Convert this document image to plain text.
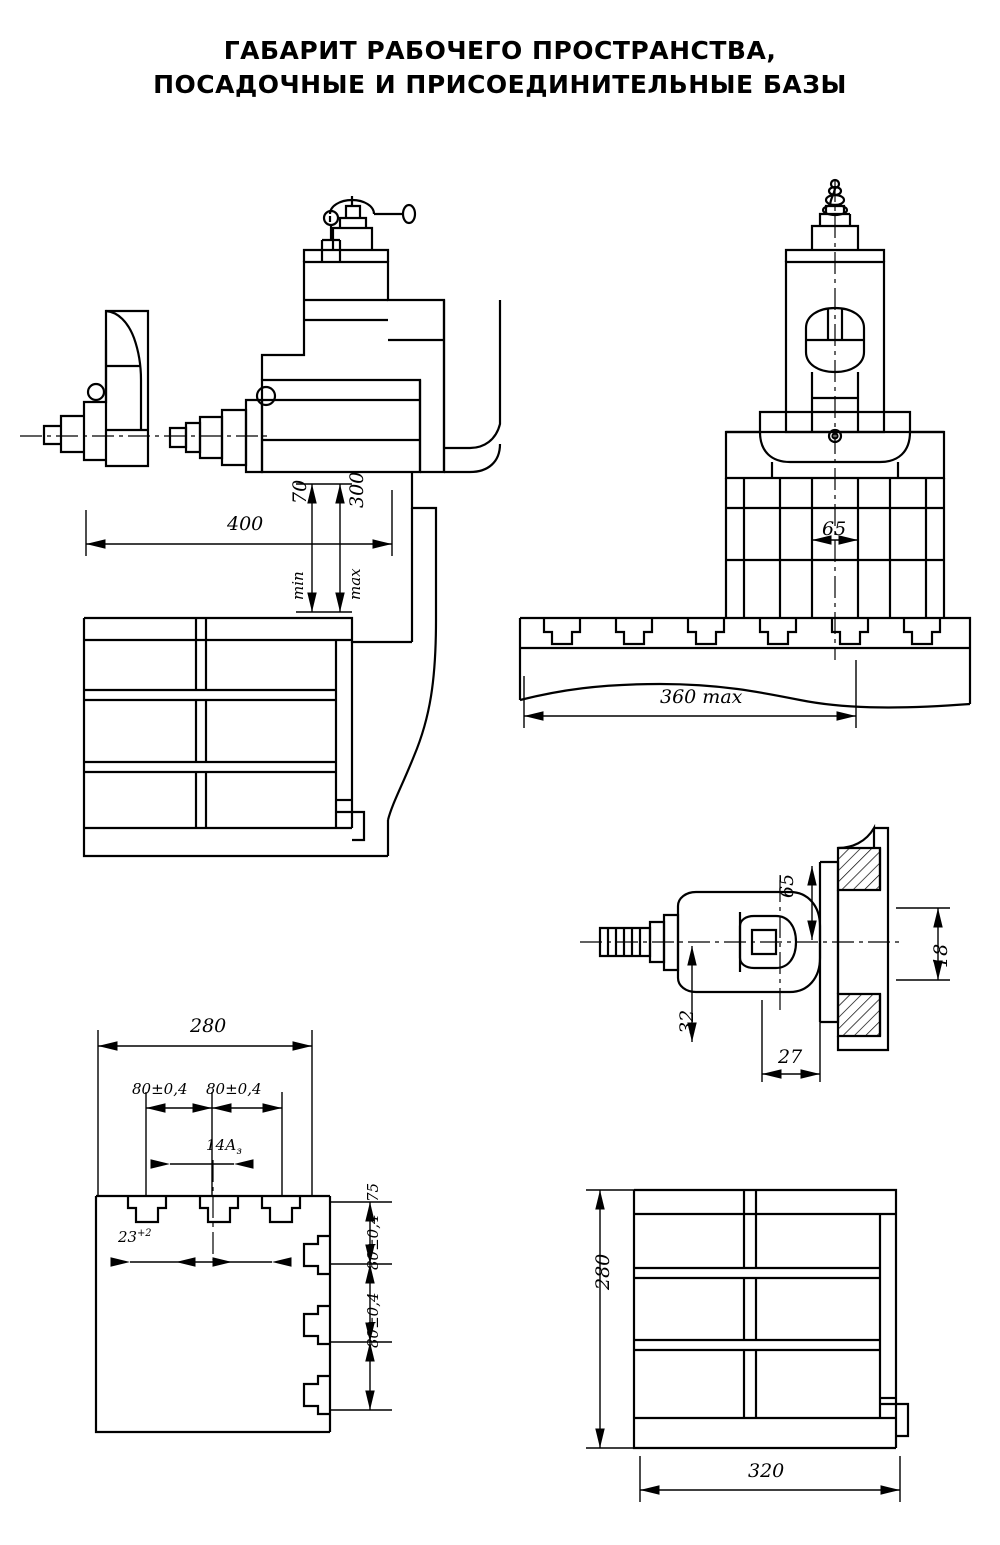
ГАБАРИТ РАБОЧЕГО ПРОСТРАНСТВА,
ПОСАДОЧНЫЕ И ПРИСОЕДИНИТЕЛЬНЫЕ БАЗЫ
400
70 300
min	max
65
360 max
65
18
32
27
280
80±0,4 80±0,4
$14А_з$
$23^{+2}$
75
80±0,4
80±0,4
280
320
